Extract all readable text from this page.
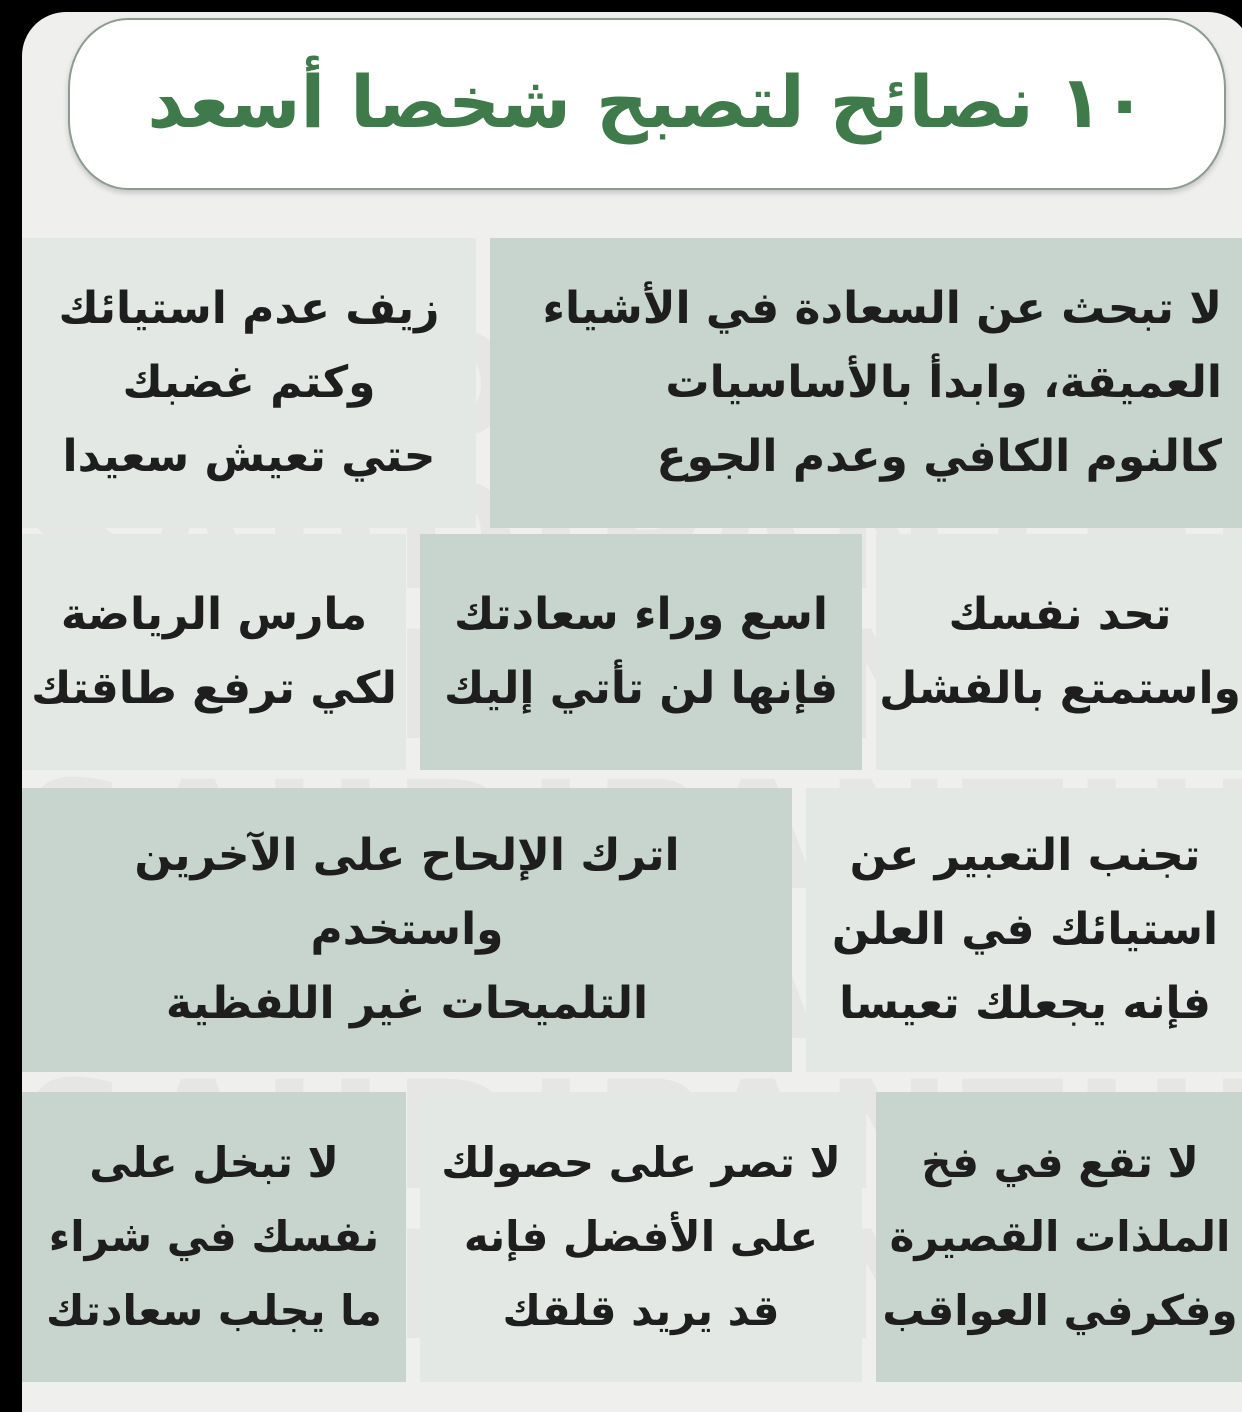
١٠ نصائح لتصبح شخصا أسعد
لا تبحث عن السعادة في الأشياء
العميقة، وابدأ بالأساسيات
كالنوم الكافي وعدم الجوع
زيف عدم استيائك
وكتم غضبك
حتي تعيش سعيدا
تحد نفسك
واستمتع بالفشل
اسع وراء سعادتك
فإنها لن تأتي إليك
مارس الرياضة
لكي ترفع طاقتك
تجنب التعبير عن
استيائك في العلن
فإنه يجعلك تعيسا
اترك الإلحاح على الآخرين
واستخدم
التلميحات غير اللفظية
لا تقع في فخ
الملذات القصيرة
وفكرفي العواقب
لا تصر على حصولك
على الأفضل فإنه
قد يريد قلقك
لا تبخل على
نفسك في شراء
ما يجلب سعادتك
